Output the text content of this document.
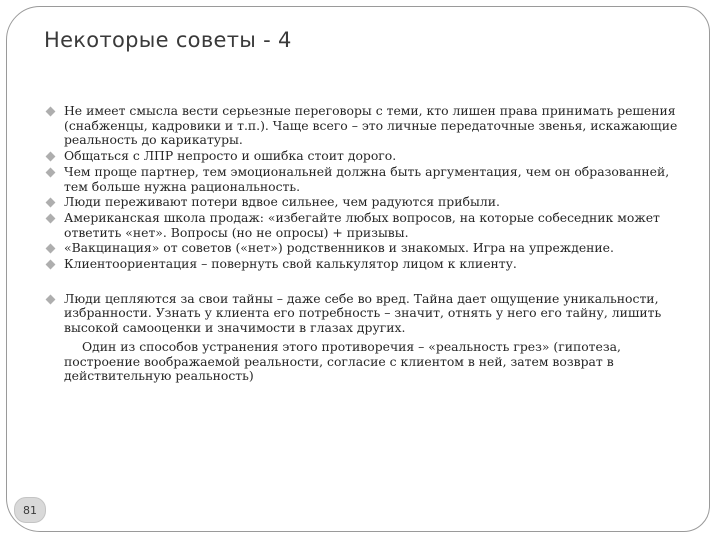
Некоторые советы - 4
Не имеет смысла вести серьезные переговоры с теми, кто лишен права принимать решения (снабженцы, кадровики и т.п.). Чаще всего – это личные передаточные звенья, искажающие реальность до карикатуры.
Общаться с ЛПР непросто и ошибка стоит дорого.
Чем проще партнер, тем эмоциональней должна быть аргументация, чем он образованней, тем больше нужна рациональность.
Люди переживают потери вдвое сильнее, чем радуются прибыли.
Американская школа продаж: «избегайте любых вопросов, на которые собеседник может ответить «нет». Вопросы (но не опросы) + призывы.
«Вакцинация» от советов («нет») родственников и знакомых. Игра на упреждение.
Клиентоориентация – повернуть свой калькулятор лицом к клиенту.
Люди цепляются за свои тайны – даже себе во вред. Тайна дает ощущение уникальности, избранности. Узнать у клиента его потребность – значит, отнять у него его тайну, лишить высокой самооценки и значимости в глазах других.
Один из способов устранения этого противоречия – «реальность грез» (гипотеза, построение воображаемой реальности, согласие с клиентом в ней, затем возврат в действительную реальность)
81
